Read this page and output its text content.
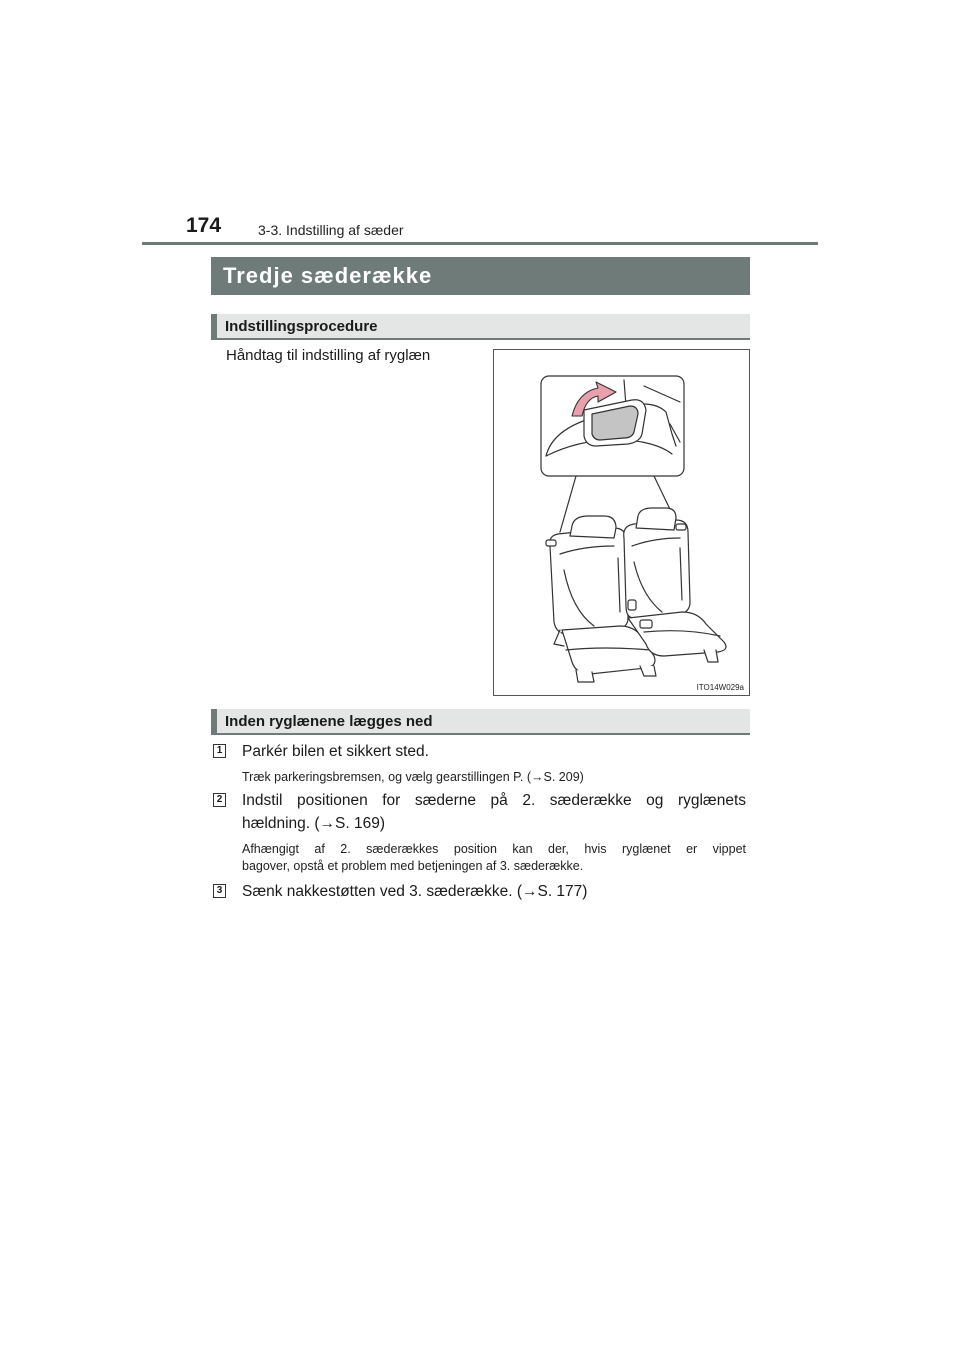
174	3-3. Indstilling af sæder
Tredje sæderække
Indstillingsprocedure
Håndtag til indstilling af ryglæn
ITO14W029a
Inden ryglænene lægges ned
1 Parkér bilen et sikkert sted.
Træk parkeringsbremsen, og vælg gearstillingen P. (→S. 209)
2 Indstil positionen for sæderne på 2. sæderække og ryglænets
hældning. (→S. 169)
Afhængigt af 2. sæderækkes position kan der, hvis ryglænet er vippet
bagover, opstå et problem med betjeningen af 3. sæderække.
3 Sænk nakkestøtten ved 3. sæderække. (→S. 177)
